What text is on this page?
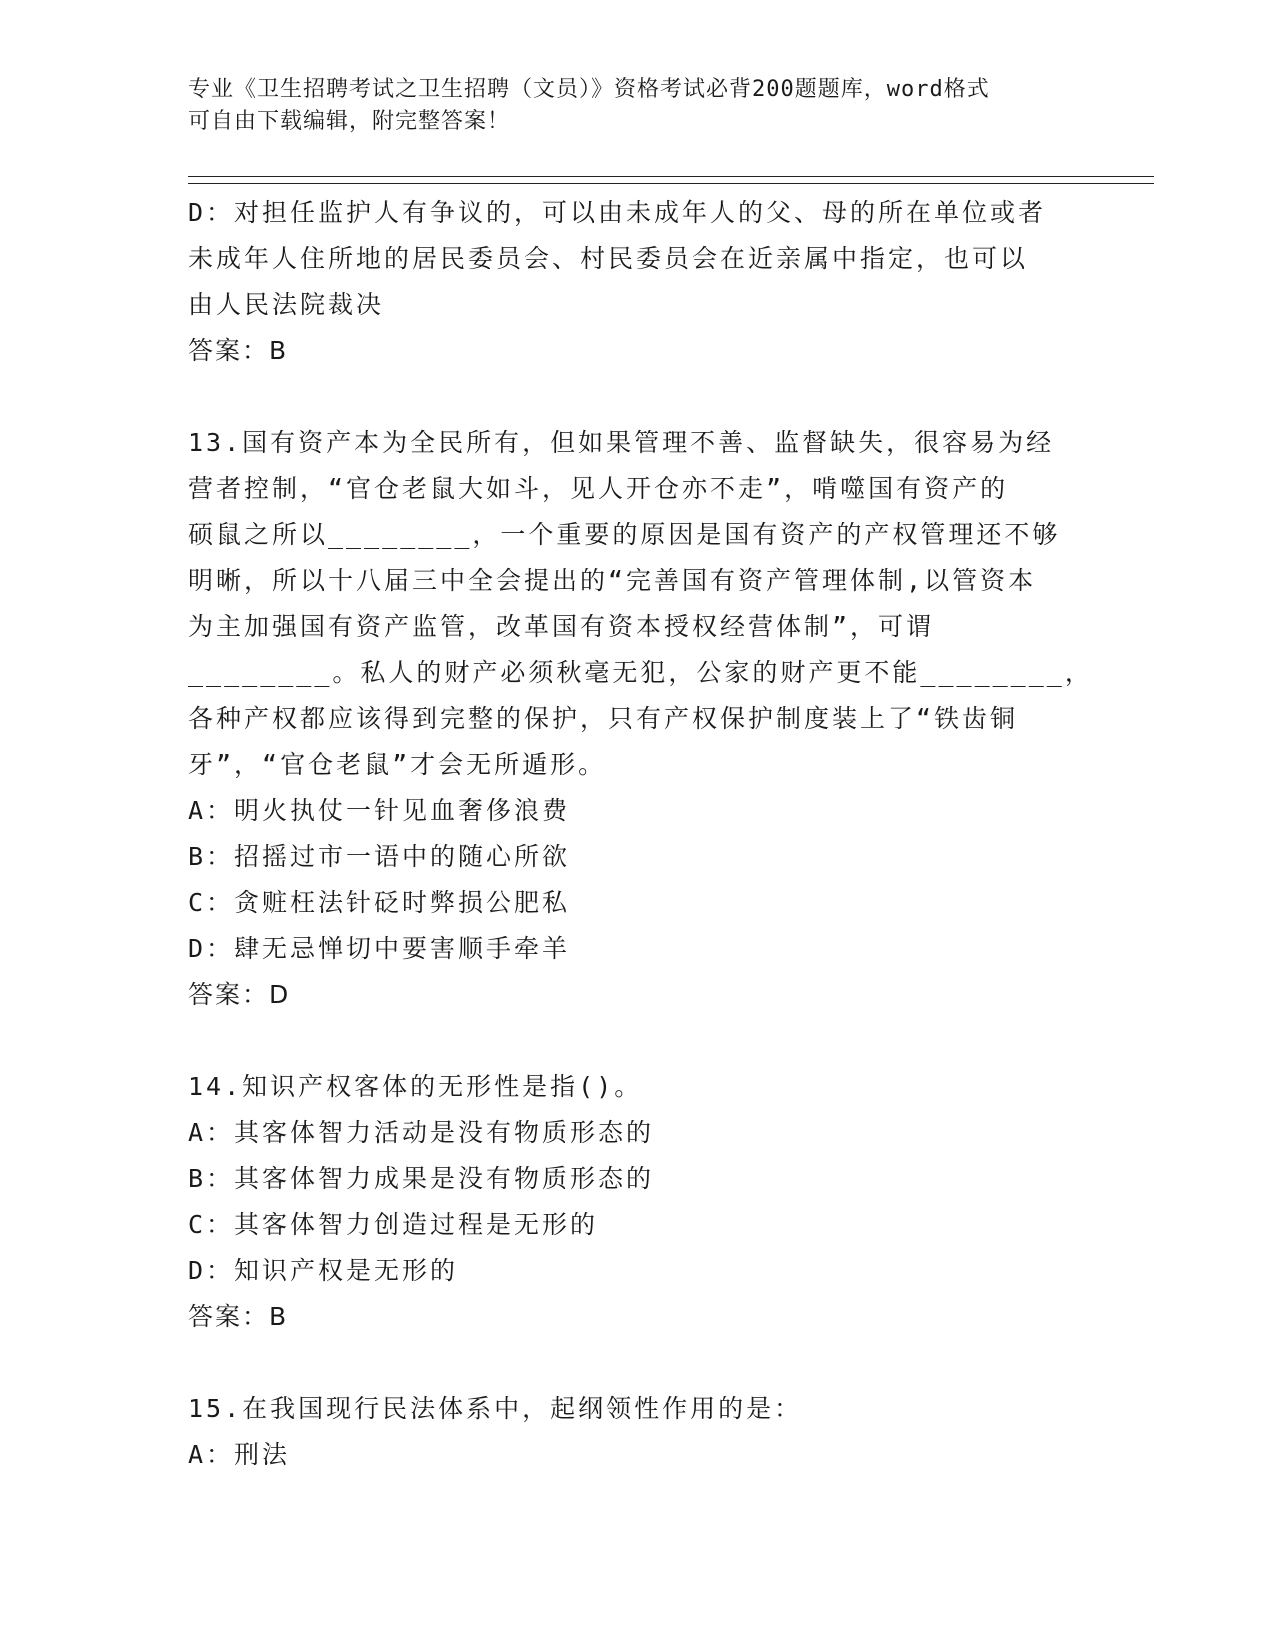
专业《卫生招聘考试之卫生招聘（文员）》资格考试必背200题题库，word格式
可自由下载编辑，附完整答案！
D：对担任监护人有争议的，可以由未成年人的父、母的所在单位或者
未成年人住所地的居民委员会、村民委员会在近亲属中指定，也可以
由人民法院裁决
答案：B
13.国有资产本为全民所有，但如果管理不善、监督缺失，很容易为经
营者控制，“官仓老鼠大如斗，见人开仓亦不走”，啃噬国有资产的
硕鼠之所以________，一个重要的原因是国有资产的产权管理还不够
明晰，所以十八届三中全会提出的“完善国有资产管理体制,以管资本
为主加强国有资产监管，改革国有资本授权经营体制”，可谓
________。私人的财产必须秋毫无犯，公家的财产更不能________，
各种产权都应该得到完整的保护，只有产权保护制度装上了“铁齿铜
牙”，“官仓老鼠”才会无所遁形。
A：明火执仗一针见血奢侈浪费
B：招摇过市一语中的随心所欲
C：贪赃枉法针砭时弊损公肥私
D：肆无忌惮切中要害顺手牵羊
答案：D
14.知识产权客体的无形性是指()。
A：其客体智力活动是没有物质形态的
B：其客体智力成果是没有物质形态的
C：其客体智力创造过程是无形的
D：知识产权是无形的
答案：B
15.在我国现行民法体系中，起纲领性作用的是：
A：刑法
